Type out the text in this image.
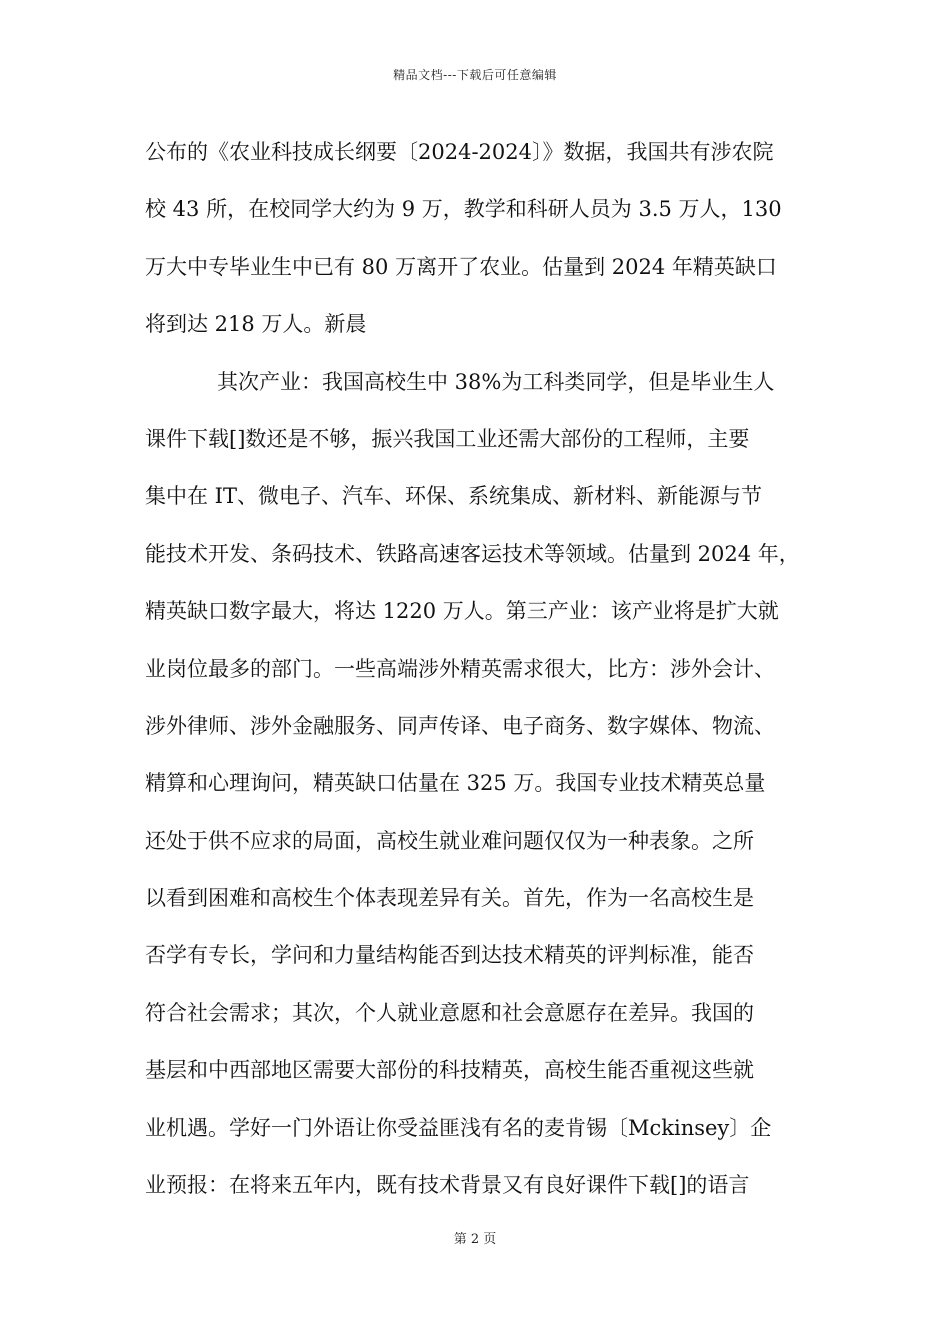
精品文档---下载后可任意编辑
公布的《农业科技成长纲要〔2024-2024〕》数据，我国共有涉农院
校 43 所，在校同学大约为 9 万，教学和科研人员为 3.5 万人，130
万大中专毕业生中已有 80 万离开了农业。估量到 2024 年精英缺口
将到达 218 万人。新晨
其次产业：我国高校生中 38%为工科类同学，但是毕业生人
课件下载[]数还是不够，振兴我国工业还需大部份的工程师，主要
集中在 IT、微电子、汽车、环保、系统集成、新材料、新能源与节
能技术开发、条码技术、铁路高速客运技术等领域。估量到 2024 年，
精英缺口数字最大，将达 1220 万人。第三产业：该产业将是扩大就
业岗位最多的部门。一些高端涉外精英需求很大，比方：涉外会计、
涉外律师、涉外金融服务、同声传译、电子商务、数字媒体、物流、
精算和心理询问，精英缺口估量在 325 万。我国专业技术精英总量
还处于供不应求的局面，高校生就业难问题仅仅为一种表象。之所
以看到困难和高校生个体表现差异有关。首先，作为一名高校生是
否学有专长，学问和力量结构能否到达技术精英的评判标准，能否
符合社会需求；其次，个人就业意愿和社会意愿存在差异。我国的
基层和中西部地区需要大部份的科技精英，高校生能否重视这些就
业机遇。学好一门外语让你受益匪浅有名的麦肯锡〔Mckinsey〕企
业预报：在将来五年内，既有技术背景又有良好课件下载[]的语言
第 2 页
